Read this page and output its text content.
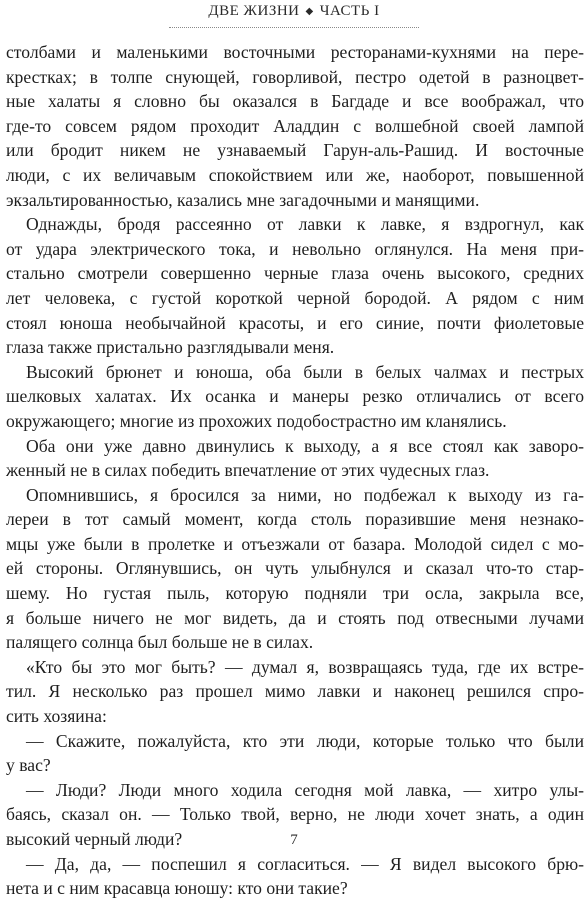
ДВЕ ЖИЗНИ ◆ ЧАСТЬ I
столбами и маленькими восточными ресторанами-кухнями на пере-
крестках; в толпе снующей, говорливой, пестро одетой в разноцвет-
ные халаты я словно бы оказался в Багдаде и все воображал, что
где-то совсем рядом проходит Аладдин с волшебной своей лампой
или бродит никем не узнаваемый Гарун-аль-Рашид. И восточные
люди, с их величавым спокойствием или же, наоборот, повышенной
экзальтированностью, казались мне загадочными и манящими.
Однажды, бродя рассеянно от лавки к лавке, я вздрогнул, как
от удара электрического тока, и невольно оглянулся. На меня при-
стально смотрели совершенно черные глаза очень высокого, средних
лет человека, с густой короткой черной бородой. А рядом с ним
стоял юноша необычайной красоты, и его синие, почти фиолетовые
глаза также пристально разглядывали меня.
Высокий брюнет и юноша, оба были в белых чалмах и пестрых
шелковых халатах. Их осанка и манеры резко отличались от всего
окружающего; многие из прохожих подобострастно им кланялись.
Оба они уже давно двинулись к выходу, а я все стоял как заворо-
женный не в силах победить впечатление от этих чудесных глаз.
Опомнившись, я бросился за ними, но подбежал к выходу из га-
лереи в тот самый момент, когда столь поразившие меня незнако-
мцы уже были в пролетке и отъезжали от базара. Молодой сидел с мо-
ей стороны. Оглянувшись, он чуть улыбнулся и сказал что-то стар-
шему. Но густая пыль, которую подняли три осла, закрыла все,
я больше ничего не мог видеть, да и стоять под отвесными лучами
палящего солнца был больше не в силах.
«Кто бы это мог быть? — думал я, возвращаясь туда, где их встре-
тил. Я несколько раз прошел мимо лавки и наконец решился спро-
сить хозяина:
— Скажите, пожалуйста, кто эти люди, которые только что были
у вас?
— Люди? Люди много ходила сегодня мой лавка, — хитро улы-
баясь, сказал он. — Только твой, верно, не люди хочет знать, а один
высокий черный люди?
— Да, да, — поспешил я согласиться. — Я видел высокого брю-
нета и с ним красавца юношу: кто они такие?
7
